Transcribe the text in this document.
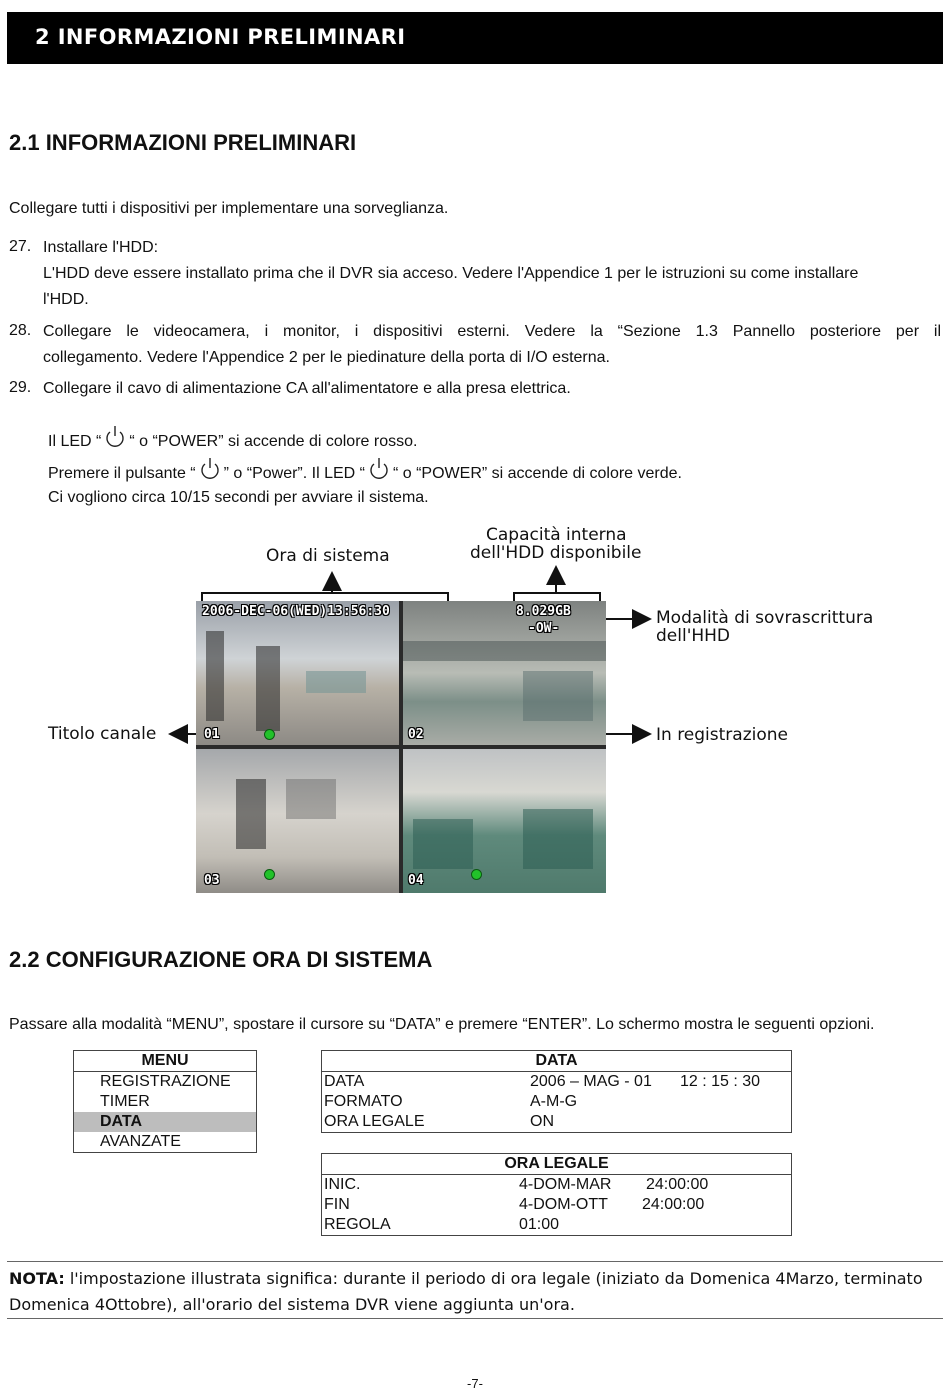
2 INFORMAZIONI PRELIMINARI
2.1 INFORMAZIONI PRELIMINARI
Collegare tutti i dispositivi per implementare una sorveglianza.
27. Installare l'HDD:
L'HDD deve essere installato prima che il DVR sia acceso. Vedere l'Appendice 1 per le istruzioni su come installare
l'HDD.
28. Collegare le videocamera, i monitor, i dispositivi esterni. Vedere la “Sezione 1.3 Pannello posteriore per il
collegamento. Vedere l'Appendice 2 per le piedinature della porta di I/O esterna.
29. Collegare il cavo di alimentazione CA all'alimentatore e alla presa elettrica.
Il LED “ “ o “POWER” si accende di colore rosso.
Premere il pulsante “ ” o “Power”. Il LED “ “ o “POWER” si accende di colore verde.
Ci vogliono circa 10/15 secondi per avviare il sistema.
Ora di sistema
Capacità interna
dell'HDD disponibile
Modalità di sovrascrittura
dell'HHD
Titolo canale	In registrazione
2006-DEC-06(WED)13:56:30	8.029GB
-OW-
01	02
03	04
2.2 CONFIGURAZIONE ORA DI SISTEMA
Passare alla modalità “MENU”, spostare il cursore su “DATA” e premere “ENTER”. Lo schermo mostra le seguenti opzioni.
MENU
REGISTRAZIONE
TIMER
DATA
AVANZATE
DATA
DATA	2006 – MAG - 01 12 : 15 : 30
FORMATO	A-M-G
ORA LEGALE	ON
ORA LEGALE
INIC.	4-DOM-MAR 24:00:00
FIN	4-DOM-OTT 24:00:00
REGOLA	01:00
NOTA: l'impostazione illustrata significa: durante il periodo di ora legale (iniziato da Domenica 4Marzo, terminato Domenica 4Ottobre), all'orario del sistema DVR viene aggiunta un'ora.
-7-
